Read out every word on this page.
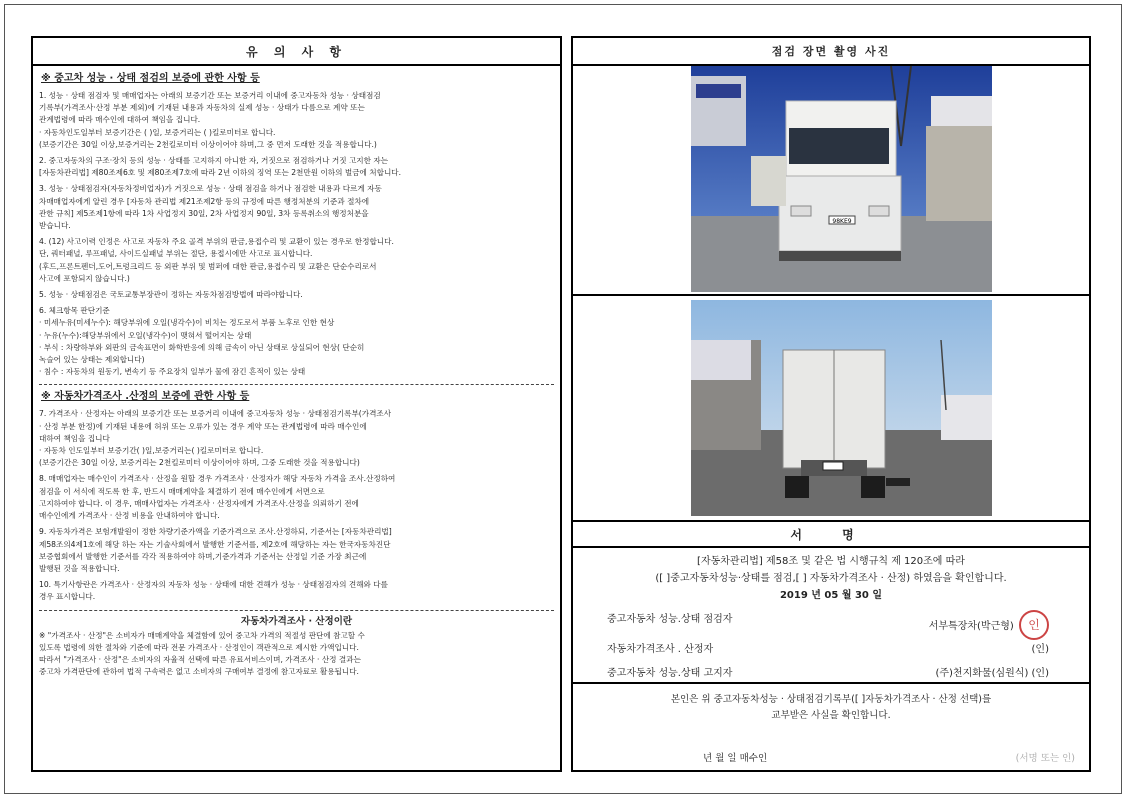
유 의 사 항
※ 중고차 성능 · 상태 점검의 보증에 관한 사항 등
1. 성능 · 상태 점검자 및 매매업자는 아래의 보증기간 또는 보증거리 이내에 중고자동차 성능 · 상태점검
기록부(가격조사·산정 부분 제외)에 기재된 내용과 자동차의 실제 성능 · 상태가 다름으로 계약 또는
관계법령에 따라 매수인에 대하여 책임을 집니다.
· 자동차인도일부터 보증기간은 ( )일, 보증거리는 ( )킬로미터로 합니다.
(보증기간은 30일 이상,보증거리는 2천킬로미터 이상이어야 하며,그 중 먼저 도래한 것을 적용합니다.)
2. 중고자동차의 구조·장치 등의 성능 · 상태를 고지하지 아니한 자, 거짓으로 점검하거나 거짓 고지한 자는
[자동차관리법] 제80조제6호 및 제80조제7호에 따라 2년 이하의 징역 또는 2천만원 이하의 벌금에 처합니다.
3. 성능 · 상태점검자(자동차정비업자)가 거짓으로 성능 · 상태 점검을 하거나 점검한 내용과 다르게 자동
차매매업자에게 알린 경우 [자동차 관리법 제21조제2항 등의 규정에 따른 행정처분의 기준과 절차에
관한 규칙] 제5조제1항에 따라 1차 사업정지 30일, 2차 사업정지 90일, 3차 등록취소의 행정처분을
받습니다.
4. (12) 사고이력 인정은 사고로 자동차 주요 골격 부위의 판금,용접수리 및 교환이 있는 경우로 한정합니다.
단, 쿼터패널, 루프패널, 사이드실패널 부위는 절단, 용접시에만 사고로 표시합니다.
(후드,프론트펜더,도어,트렁크리드 등 외판 부위 및 범퍼에 대한 판금,용접수리 및 교환은 단순수리로서
사고에 포함되지 않습니다.)
5. 성능 · 상태점검은 국토교통부장관이 정하는 자동차점검방법에 따라야합니다.
6. 체크항목 판단기준
· 미세누유(미세누수): 해당부위에 오일(냉각수)이 비치는 정도로서 부품 노후로 인한 현상
· 누유(누수):해당부위에서 오일(냉각수)이 맺혀서 떨어지는 상태
· 부식 : 차량하부와 외판의 금속표면이 화학반응에 의해 금속이 아닌 상태로 상실되어 현상( 단순히
녹슬어 있는 상태는 제외합니다)
· 침수 : 자동차의 원동기, 변속기 등 주요장치 일부가 물에 잠긴 흔적이 있는 상태
※ 자동차가격조사 .산정의 보증에 관한 사항 등
7. 가격조사 · 산정자는 아래의 보증기간 또는 보증거리 이내에 중고자동차 성능 · 상태점검기록부(가격조사
· 산정 부분 한정)에 기재된 내용에 허위 또는 오류가 있는 경우 계약 또는 관계법령에 따라 매수인에
대하여 책임을 집니다
· 자동차 인도일부터 보증기간( )일,보증거리는( )킬로미터로 합니다.
(보증기간은 30일 이상, 보증거리는 2천킬로미터 이상이어야 하며, 그중 도래한 것을 적용합니다)
8. 매매업자는 매수인이 가격조사 · 산정을 원할 경우 가격조사 · 산정자가 해당 자동차 가격을 조사.산정하여
점검을 이 서식에 적도록 한 후, 반드시 매매계약을 체결하기 전에 매수인에게 서면으로
고지하여야 합니다. 이 경우, 매매사업자는 가격조사 · 산정자에게 가격조사.산정을 의뢰하기 전에
매수인에게 가격조사 · 산정 비용을 안내하여야 합니다.
9. 자동차가격은 보험개발원이 정한 차량기준가액을 기준가격으로 조사.산정하되, 기준서는 [자동차관리법]
제58조의4제1호에 해당 하는 자는 기술사회에서 발행한 기준서를, 제2호에 해당하는 자는 한국자동차진단
보증협회에서 발행한 기준서를 각각 적용하여야 하며,기준가격과 기준서는 산정일 기준 가장 최근에
발행된 것을 적용합니다.
10. 특기사항란은 가격조사 · 산정자의 자동차 성능 · 상태에 대한 견해가 성능 · 상태점검자의 견해와 다를
경우 표시합니다.
자동차가격조사 · 산정이란
※ "가격조사 · 산정"은 소비자가 매매계약을 체결함에 있어 중고차 가격의 적절성 판단에 참고할 수
있도록 법령에 의한 절차와 기준에 따라 전문 가격조사 · 산정인이 객관적으로 제시한 가액입니다.
따라서 "가격조사 · 산정"은 소비자의 자율적 선택에 따른 유료서비스이며, 가격조사 · 산정 결과는
중고차 가격판단에 관하여 법적 구속력은 없고 소비자의 구매여부 결정에 참고자료로 활용됩니다.
점검 장면 촬영 사진
98KE9
서 명
[자동차관리법] 제58조 및 같은 법 시행규칙 제 120조에 따라
([ ]중고자동차성능·상태를 점검,[ ] 자동차가격조사 · 산정) 하였음을 확인합니다.
2019 년 05 월 30 일
중고자동차 성능.상태 점검자
서부특장차(박근형) 인
자동차가격조사 . 산정자	(인)
중고자동차 성능.상태 고지자	(주)천지화물(심원식) (인)
본인은 위 중고자동차성능 · 상태점검기록부([ ]자동차가격조사 · 산정 선택)를
교부받은 사실을 확인합니다.
년 월 일 매수인	(서명 또는 인)
